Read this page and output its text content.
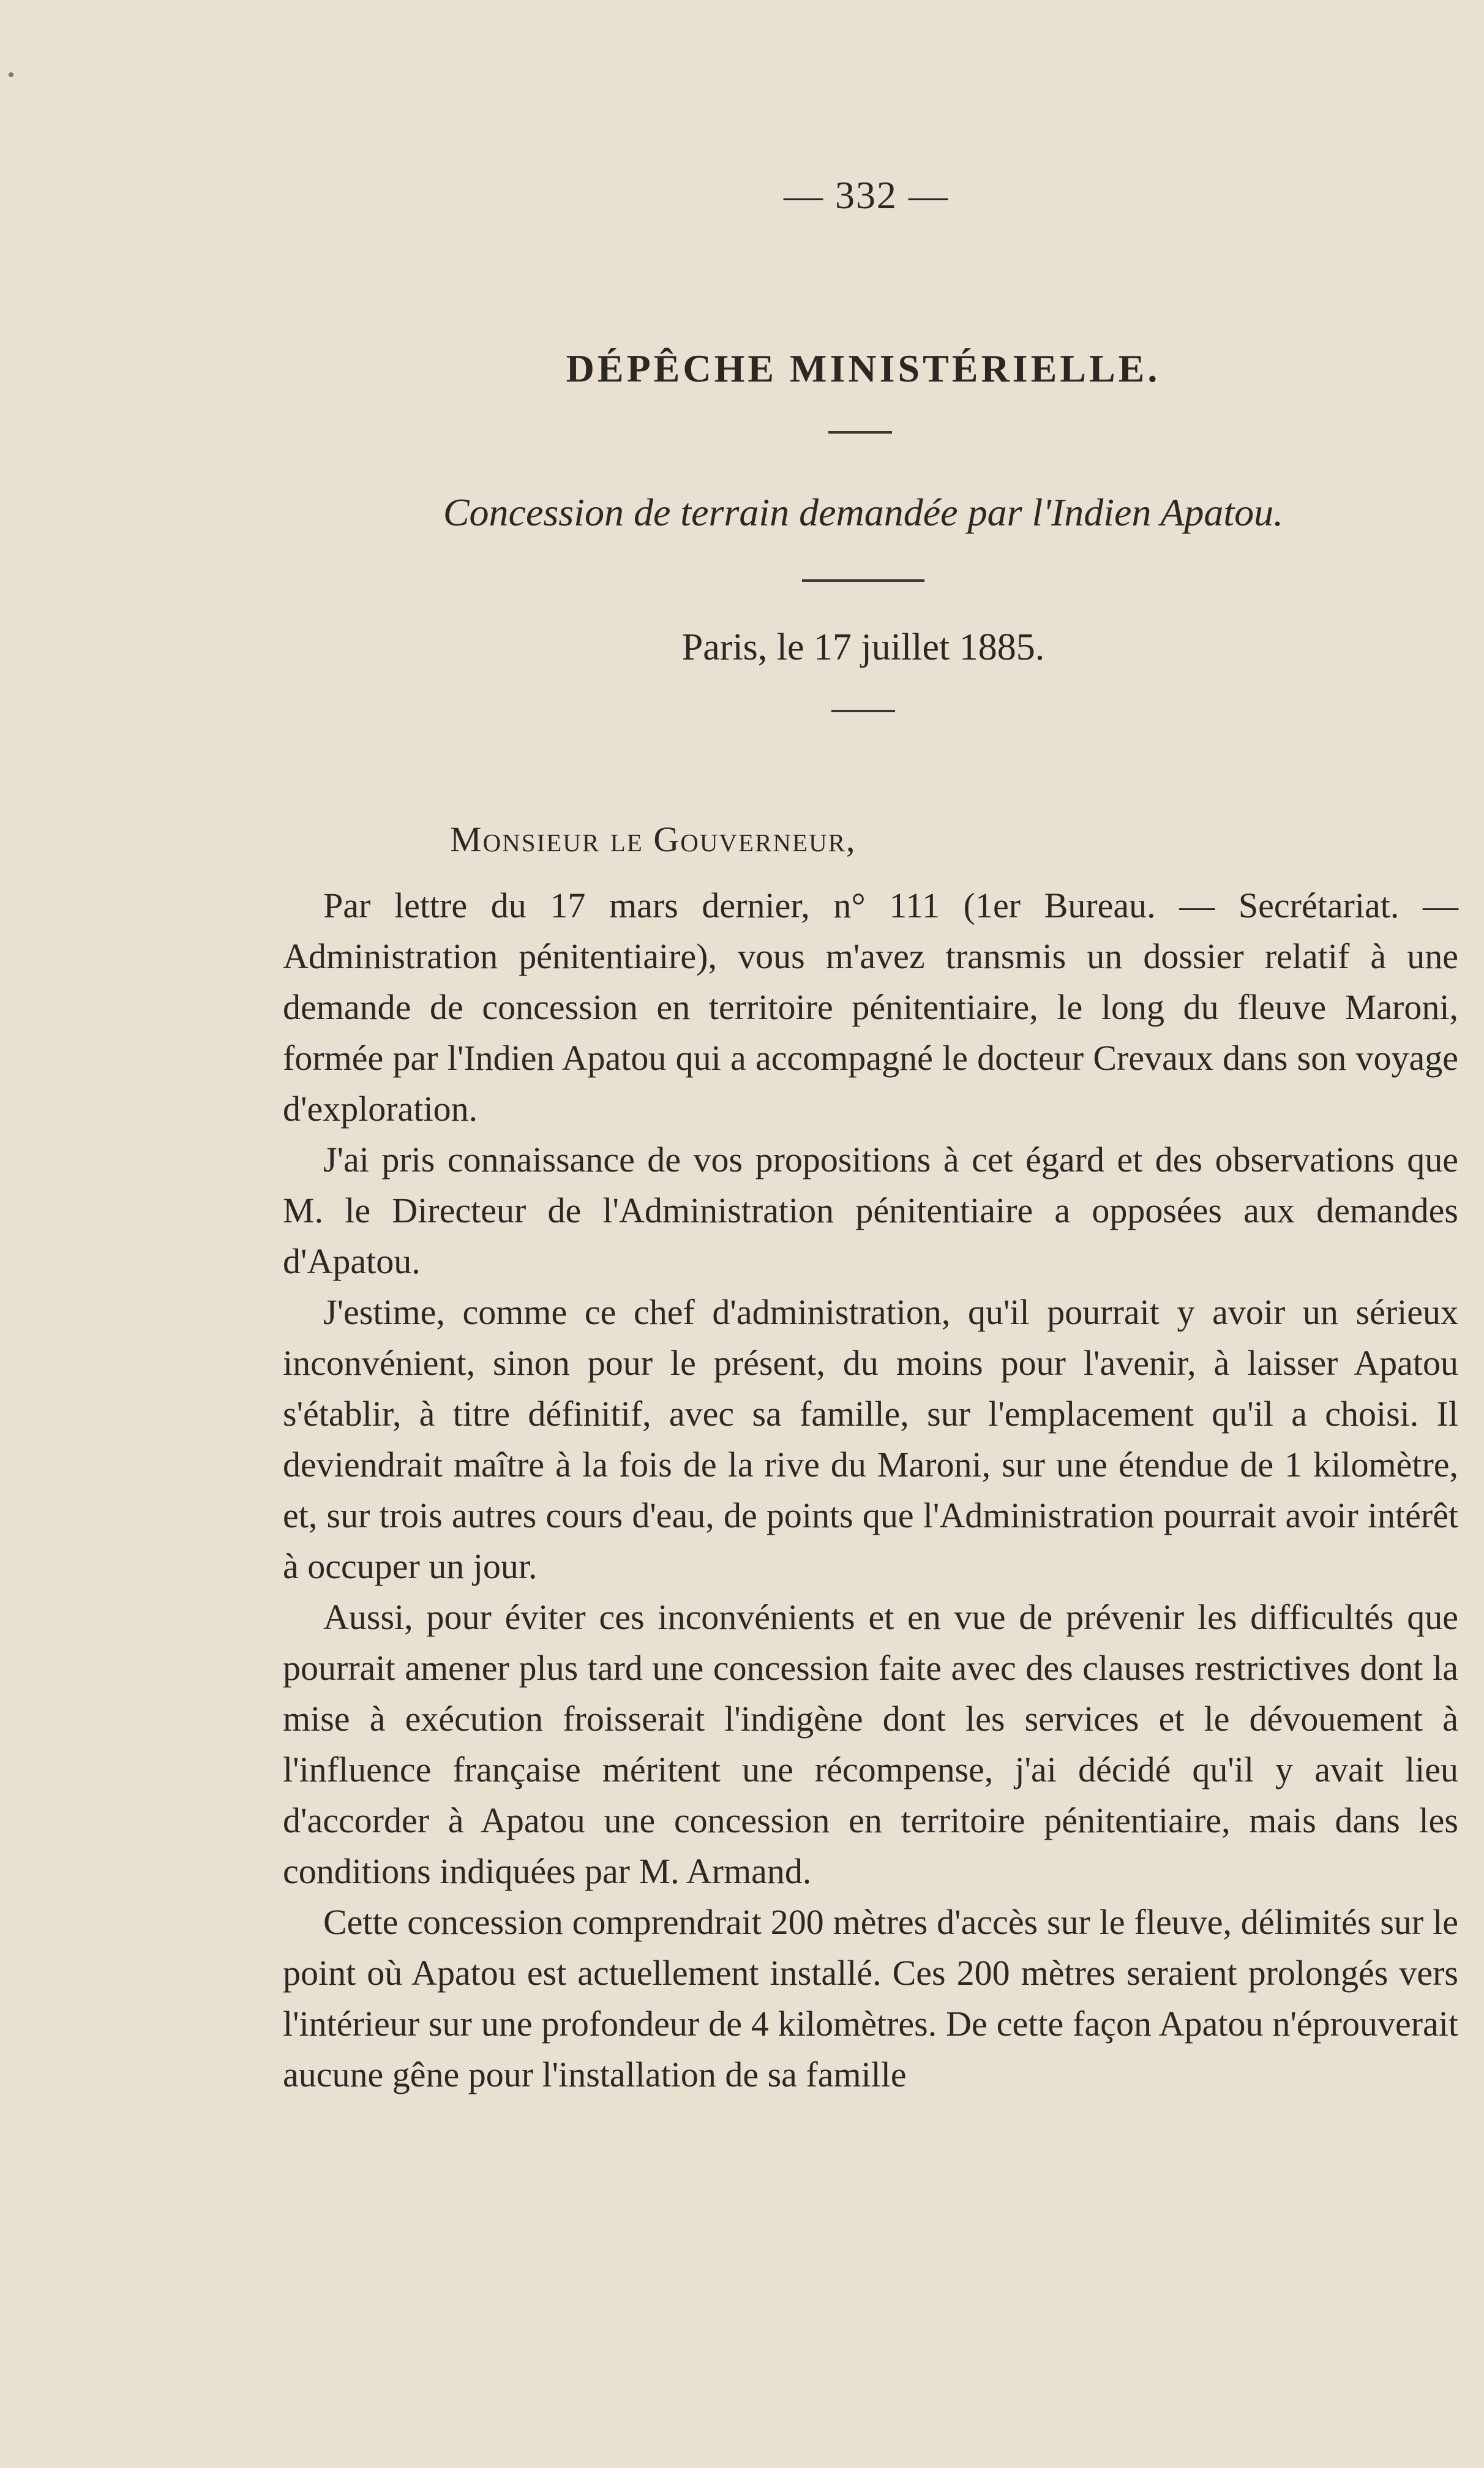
— 332 —
DÉPÊCHE MINISTÉRIELLE.
Concession de terrain demandée par l'Indien Apatou.
Paris, le 17 juillet 1885.
Monsieur le Gouverneur,

Par lettre du 17 mars dernier, n° 111 (1er Bureau. — Secrétariat. — Administration pénitentiaire), vous m'avez transmis un dossier relatif à une demande de concession en territoire pénitentiaire, le long du fleuve Maroni, formée par l'Indien Apatou qui a accompagné le docteur Crevaux dans son voyage d'exploration.

J'ai pris connaissance de vos propositions à cet égard et des observations que M. le Directeur de l'Administration pénitentiaire a opposées aux demandes d'Apatou.

J'estime, comme ce chef d'administration, qu'il pourrait y avoir un sérieux inconvénient, sinon pour le présent, du moins pour l'avenir, à laisser Apatou s'établir, à titre définitif, avec sa famille, sur l'emplacement qu'il a choisi. Il deviendrait maître à la fois de la rive du Maroni, sur une étendue de 1 kilomètre, et, sur trois autres cours d'eau, de points que l'Administration pourrait avoir intérêt à occuper un jour.

Aussi, pour éviter ces inconvénients et en vue de prévenir les difficultés que pourrait amener plus tard une concession faite avec des clauses restrictives dont la mise à exécution froisserait l'indigène dont les services et le dévouement à l'influence française méritent une récompense, j'ai décidé qu'il y avait lieu d'accorder à Apatou une concession en territoire pénitentiaire, mais dans les conditions indiquées par M. Armand.

Cette concession comprendrait 200 mètres d'accès sur le fleuve, délimités sur le point où Apatou est actuellement installé. Ces 200 mètres seraient prolongés vers l'intérieur sur une profondeur de 4 kilomètres. De cette façon Apatou n'éprouverait aucune gêne pour l'installation de sa famille
